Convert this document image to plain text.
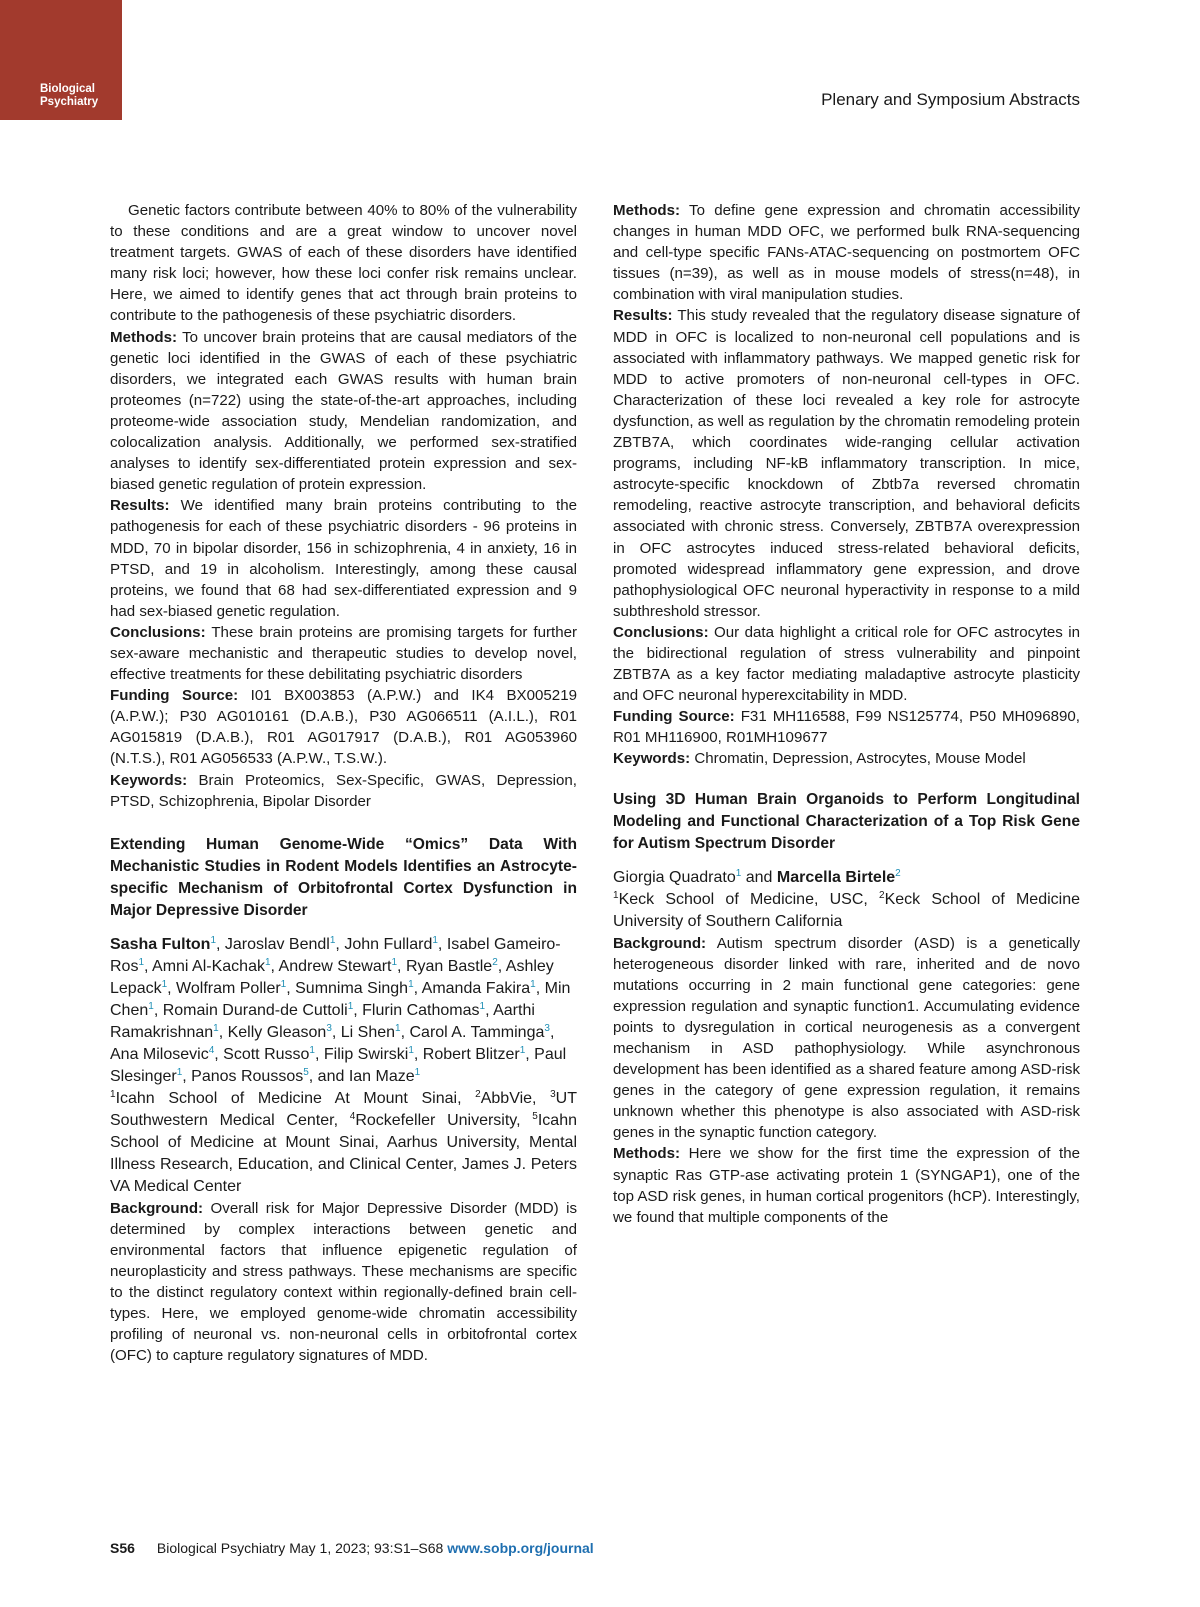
Biological
Psychiatry	Plenary and Symposium Abstracts

Genetic factors contribute between 40% to 80% of the vulnerability to these conditions and are a great window to uncover novel treatment targets. GWAS of each of these disorders have identified many risk loci; however, how these loci confer risk remains unclear. Here, we aimed to identify genes that act through brain proteins to contribute to the pathogenesis of these psychiatric disorders.

Methods: To uncover brain proteins that are causal mediators of the genetic loci identified in the GWAS of each of these psychiatric disorders, we integrated each GWAS results with human brain proteomes (n=722) using the state-of-the-art approaches, including proteome-wide association study, Mendelian randomization, and colocalization analysis. Additionally, we performed sex-stratified analyses to identify sex-differentiated protein expression and sex-biased genetic regulation of protein expression.

Results: We identified many brain proteins contributing to the pathogenesis for each of these psychiatric disorders - 96 proteins in MDD, 70 in bipolar disorder, 156 in schizophrenia, 4 in anxiety, 16 in PTSD, and 19 in alcoholism. Interestingly, among these causal proteins, we found that 68 had sex-differentiated expression and 9 had sex-biased genetic regulation.

Conclusions: These brain proteins are promising targets for further sex-aware mechanistic and therapeutic studies to develop novel, effective treatments for these debilitating psychiatric disorders

Funding Source: I01 BX003853 (A.P.W.) and IK4 BX005219 (A.P.W.); P30 AG010161 (D.A.B.), P30 AG066511 (A.I.L.), R01 AG015819 (D.A.B.), R01 AG017917 (D.A.B.), R01 AG053960 (N.T.S.), R01 AG056533 (A.P.W., T.S.W.).

Keywords: Brain Proteomics, Sex-Specific, GWAS, Depression, PTSD, Schizophrenia, Bipolar Disorder

Extending Human Genome-Wide “Omics” Data With Mechanistic Studies in Rodent Models Identifies an Astrocyte-specific Mechanism of Orbitofrontal Cortex Dysfunction in Major Depressive Disorder

Sasha Fulton$^1$, Jaroslav Bendl$^1$, John Fullard$^1$, Isabel Gameiro-Ros$^1$, Amni Al-Kachak$^1$, Andrew Stewart$^1$, Ryan Bastle$^2$, Ashley Lepack$^1$, Wolfram Poller$^1$, Sumnima Singh$^1$, Amanda Fakira$^1$, Min Chen$^1$, Romain Durand-de Cuttoli$^1$, Flurin Cathomas$^1$, Aarthi Ramakrishnan$^1$, Kelly Gleason$^3$, Li Shen$^1$, Carol A. Tamminga$^3$, Ana Milosevic$^4$, Scott Russo$^1$, Filip Swirski$^1$, Robert Blitzer$^1$, Paul Slesinger$^1$, Panos Roussos$^5$, and Ian Maze$^1$

$^1$Icahn School of Medicine At Mount Sinai, $^2$AbbVie, $^3$UT Southwestern Medical Center, $^4$Rockefeller University, $^5$Icahn School of Medicine at Mount Sinai, Aarhus University, Mental Illness Research, Education, and Clinical Center, James J. Peters VA Medical Center

Background: Overall risk for Major Depressive Disorder (MDD) is determined by complex interactions between genetic and environmental factors that influence epigenetic regulation of neuroplasticity and stress pathways. These mechanisms are specific to the distinct regulatory context within regionally-defined brain cell-types. Here, we employed genome-wide chromatin accessibility profiling of neuronal vs. non-neuronal cells in orbitofrontal cortex (OFC) to capture regulatory signatures of MDD.

Methods: To define gene expression and chromatin accessibility changes in human MDD OFC, we performed bulk RNA-sequencing and cell-type specific FANs-ATAC-sequencing on postmortem OFC tissues (n=39), as well as in mouse models of stress(n=48), in combination with viral manipulation studies.

Results: This study revealed that the regulatory disease signature of MDD in OFC is localized to non-neuronal cell populations and is associated with inflammatory pathways. We mapped genetic risk for MDD to active promoters of non-neuronal cell-types in OFC. Characterization of these loci revealed a key role for astrocyte dysfunction, as well as regulation by the chromatin remodeling protein ZBTB7A, which coordinates wide-ranging cellular activation programs, including NF-kB inflammatory transcription. In mice, astrocyte-specific knockdown of Zbtb7a reversed chromatin remodeling, reactive astrocyte transcription, and behavioral deficits associated with chronic stress. Conversely, ZBTB7A overexpression in OFC astrocytes induced stress-related behavioral deficits, promoted widespread inflammatory gene expression, and drove pathophysiological OFC neuronal hyperactivity in response to a mild subthreshold stressor.

Conclusions: Our data highlight a critical role for OFC astrocytes in the bidirectional regulation of stress vulnerability and pinpoint ZBTB7A as a key factor mediating maladaptive astrocyte plasticity and OFC neuronal hyperexcitability in MDD.

Funding Source: F31 MH116588, F99 NS125774, P50 MH096890, R01 MH116900, R01MH109677

Keywords: Chromatin, Depression, Astrocytes, Mouse Model

Using 3D Human Brain Organoids to Perform Longitudinal Modeling and Functional Characterization of a Top Risk Gene for Autism Spectrum Disorder

Giorgia Quadrato$^1$ and Marcella Birtele$^2$

$^1$Keck School of Medicine, USC, $^2$Keck School of Medicine University of Southern California

Background: Autism spectrum disorder (ASD) is a genetically heterogeneous disorder linked with rare, inherited and de novo mutations occurring in 2 main functional gene categories: gene expression regulation and synaptic function1. Accumulating evidence points to dysregulation in cortical neurogenesis as a convergent mechanism in ASD pathophysiology. While asynchronous development has been identified as a shared feature among ASD-risk genes in the category of gene expression regulation, it remains unknown whether this phenotype is also associated with ASD-risk genes in the synaptic function category.

Methods: Here we show for the first time the expression of the synaptic Ras GTP-ase activating protein 1 (SYNGAP1), one of the top ASD risk genes, in human cortical progenitors (hCP). Interestingly, we found that multiple components of the

S56 Biological Psychiatry May 1, 2023; 93:S1–S68 www.sobp.org/journal
